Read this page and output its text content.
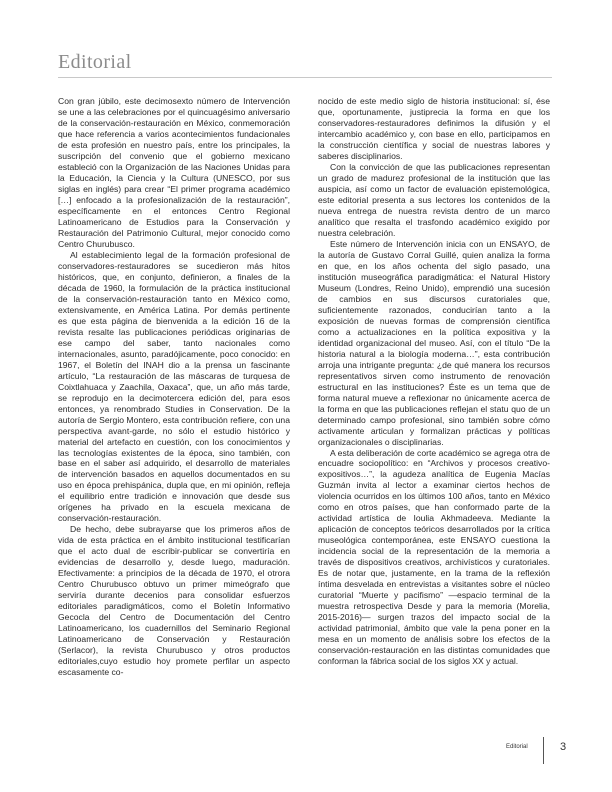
Editorial

Con gran júbilo, este decimosexto número de Intervención se une a las celebraciones por el quincuagésimo aniversario de la conservación-restauración en México, conmemoración que hace referencia a varios acontecimientos fundacionales de esta profesión en nuestro país, entre los principales, la suscripción del convenio que el gobierno mexicano estableció con la Organización de las Naciones Unidas para la Educación, la Ciencia y la Cultura (UNESCO, por sus siglas en inglés) para crear “El primer programa académico […] enfocado a la profesionalización de la restauración”, específicamente en el entonces Centro Regional Latinoamericano de Estudios para la Conservación y Restauración del Patrimonio Cultural, mejor conocido como Centro Churubusco.

Al establecimiento legal de la formación profesional de conservadores-restauradores se sucedieron más hitos históricos, que, en conjunto, definieron, a finales de la década de 1960, la formulación de la práctica institucional de la conservación-restauración tanto en México como, extensivamente, en América Latina. Por demás pertinente es que esta página de bienvenida a la edición 16 de la revista resalte las publicaciones periódicas originarias de ese campo del saber, tanto nacionales como internacionales, asunto, paradójicamente, poco conocido: en 1967, el Boletín del INAH dio a la prensa un fascinante artículo, “La restauración de las máscaras de turquesa de Coixtlahuaca y Zaachila, Oaxaca”, que, un año más tarde, se reprodujo en la decimotercera edición del, para esos entonces, ya renombrado Studies in Conservation. De la autoría de Sergio Montero, esta contribución refiere, con una perspectiva avant-garde, no sólo el estudio histórico y material del artefacto en cuestión, con los conocimientos y las tecnologías existentes de la época, sino también, con base en el saber así adquirido, el desarrollo de materiales de intervención basados en aquellos documentados en su uso en época prehispánica, dupla que, en mi opinión, refleja el equilibrio entre tradición e innovación que desde sus orígenes ha privado en la escuela mexicana de conservación-restauración.

De hecho, debe subrayarse que los primeros años de vida de esta práctica en el ámbito institucional testificarían que el acto dual de escribir-publicar se convertiría en evidencias de desarrollo y, desde luego, maduración. Efectivamente: a principios de la década de 1970, el otrora Centro Churubusco obtuvo un primer mimeógrafo que serviría durante decenios para consolidar esfuerzos editoriales paradigmáticos, como el Boletín Informativo Gecocla del Centro de Documentación del Centro Latinoamericano, los cuadernillos del Seminario Regional Latinoamericano de Conservación y Restauración (Serlacor), la revista Churubusco y otros productos editoriales,cuyo estudio hoy promete perfilar un aspecto escasamente co-

nocido de este medio siglo de historia institucional: sí, ése que, oportunamente, justiprecia la forma en que los conservadores-restauradores definimos la difusión y el intercambio académico y, con base en ello, participamos en la construcción científica y social de nuestras labores y saberes disciplinarios.

Con la convicción de que las publicaciones representan un grado de madurez profesional de la institución que las auspicia, así como un factor de evaluación epistemológica, este editorial presenta a sus lectores los contenidos de la nueva entrega de nuestra revista dentro de un marco analítico que resalta el trasfondo académico exigido por nuestra celebración.

Este número de Intervención inicia con un ENSAYO, de la autoría de Gustavo Corral Guillé, quien analiza la forma en que, en los años ochenta del siglo pasado, una institución museográfica paradigmática: el Natural History Museum (Londres, Reino Unido), emprendió una sucesión de cambios en sus discursos curatoriales que, suficientemente razonados, conducirían tanto a la exposición de nuevas formas de comprensión científica como a actualizaciones en la política expositiva y la identidad organizacional del museo. Así, con el título “De la historia natural a la biología moderna…”, esta contribución arroja una intrigante pregunta: ¿de qué manera los recursos representativos sirven como instrumento de renovación estructural en las instituciones? Éste es un tema que de forma natural mueve a reflexionar no únicamente acerca de la forma en que las publicaciones reflejan el statu quo de un determinado campo profesional, sino también sobre cómo activamente articulan y formalizan prácticas y políticas organizacionales o disciplinarias.

A esta deliberación de corte académico se agrega otra de encuadre sociopolítico: en “Archivos y procesos creativo-expositivos…”, la agudeza analítica de Eugenia Macías Guzmán invita al lector a examinar ciertos hechos de violencia ocurridos en los últimos 100 años, tanto en México como en otros países, que han conformado parte de la actividad artística de Ioulia Akhmadeeva. Mediante la aplicación de conceptos teóricos desarrollados por la crítica museológica contemporánea, este ENSAYO cuestiona la incidencia social de la representación de la memoria a través de dispositivos creativos, archivísticos y curatoriales. Es de notar que, justamente, en la trama de la reflexión íntima desvelada en entrevistas a visitantes sobre el núcleo curatorial “Muerte y pacifismo” —espacio terminal de la muestra retrospectiva Desde y para la memoria (Morelia, 2015-2016)— surgen trazos del impacto social de la actividad patrimonial, ámbito que vale la pena poner en la mesa en un momento de análisis sobre los efectos de la conservación-restauración en las distintas comunidades que conforman la fábrica social de los siglos XX y actual.

Editorial	3
